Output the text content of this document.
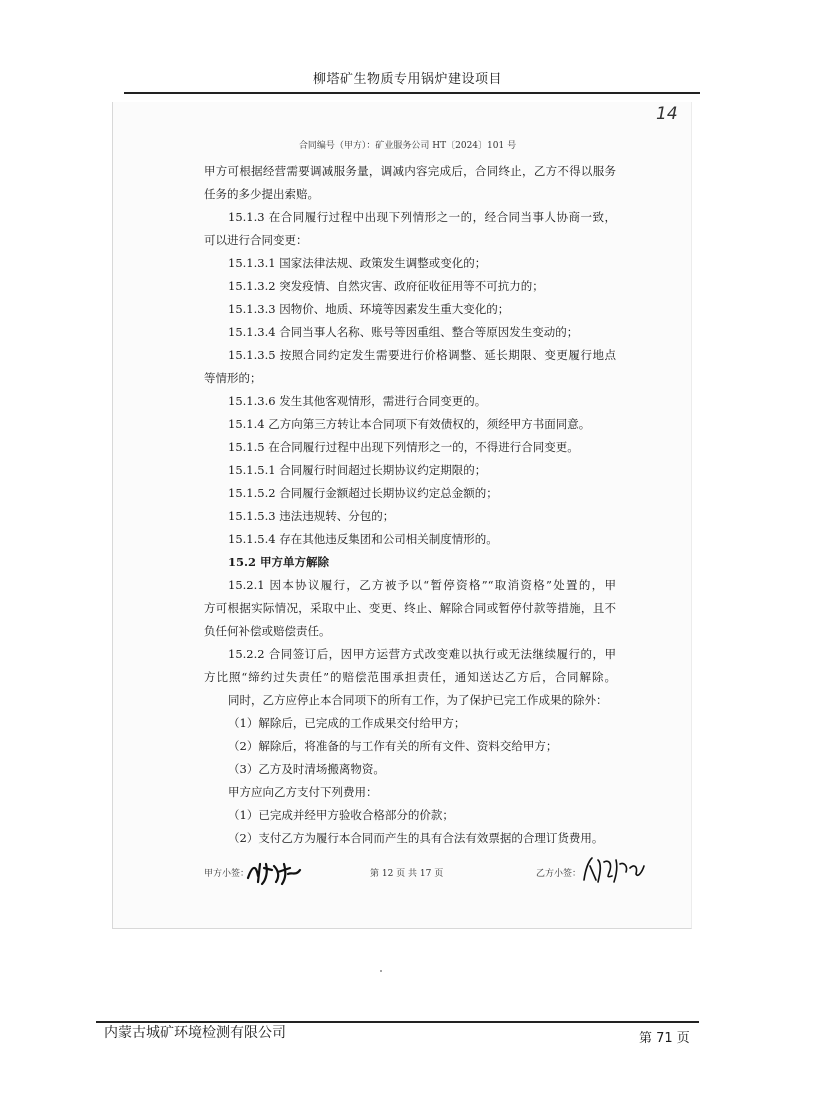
柳塔矿生物质专用锅炉建设项目
14
合同编号（甲方）：矿业服务公司 HT〔2024〕101 号
甲方可根据经营需要调减服务量，调减内容完成后，合同终止，乙方不得以服务
任务的多少提出索赔。
15.1.3 在合同履行过程中出现下列情形之一的，经合同当事人协商一致，
可以进行合同变更：
15.1.3.1 国家法律法规、政策发生调整或变化的；
15.1.3.2 突发疫情、自然灾害、政府征收征用等不可抗力的；
15.1.3.3 因物价、地质、环境等因素发生重大变化的；
15.1.3.4 合同当事人名称、账号等因重组、整合等原因发生变动的；
15.1.3.5 按照合同约定发生需要进行价格调整、延长期限、变更履行地点
等情形的；
15.1.3.6 发生其他客观情形，需进行合同变更的。
15.1.4 乙方向第三方转让本合同项下有效债权的，须经甲方书面同意。
15.1.5 在合同履行过程中出现下列情形之一的，不得进行合同变更。
15.1.5.1 合同履行时间超过长期协议约定期限的；
15.1.5.2 合同履行金额超过长期协议约定总金额的；
15.1.5.3 违法违规转、分包的；
15.1.5.4 存在其他违反集团和公司相关制度情形的。
15.2 甲方单方解除
15.2.1 因本协议履行，乙方被予以“暂停资格”“取消资格”处置的，甲
方可根据实际情况，采取中止、变更、终止、解除合同或暂停付款等措施，且不
负任何补偿或赔偿责任。
15.2.2 合同签订后，因甲方运营方式改变难以执行或无法继续履行的，甲
方比照“缔约过失责任”的赔偿范围承担责任，通知送达乙方后，合同解除。
同时，乙方应停止本合同项下的所有工作，为了保护已完工作成果的除外：
（1）解除后，已完成的工作成果交付给甲方；
（2）解除后，将准备的与工作有关的所有文件、资料交给甲方；
（3）乙方及时清场搬离物资。
甲方应向乙方支付下列费用：
（1）已完成并经甲方验收合格部分的价款；
（2）支付乙方为履行本合同而产生的具有合法有效票据的合理订货费用。
甲方小签：	第 12 页 共 17 页	乙方小签：
内蒙古城矿环境检测有限公司	第 71 页
